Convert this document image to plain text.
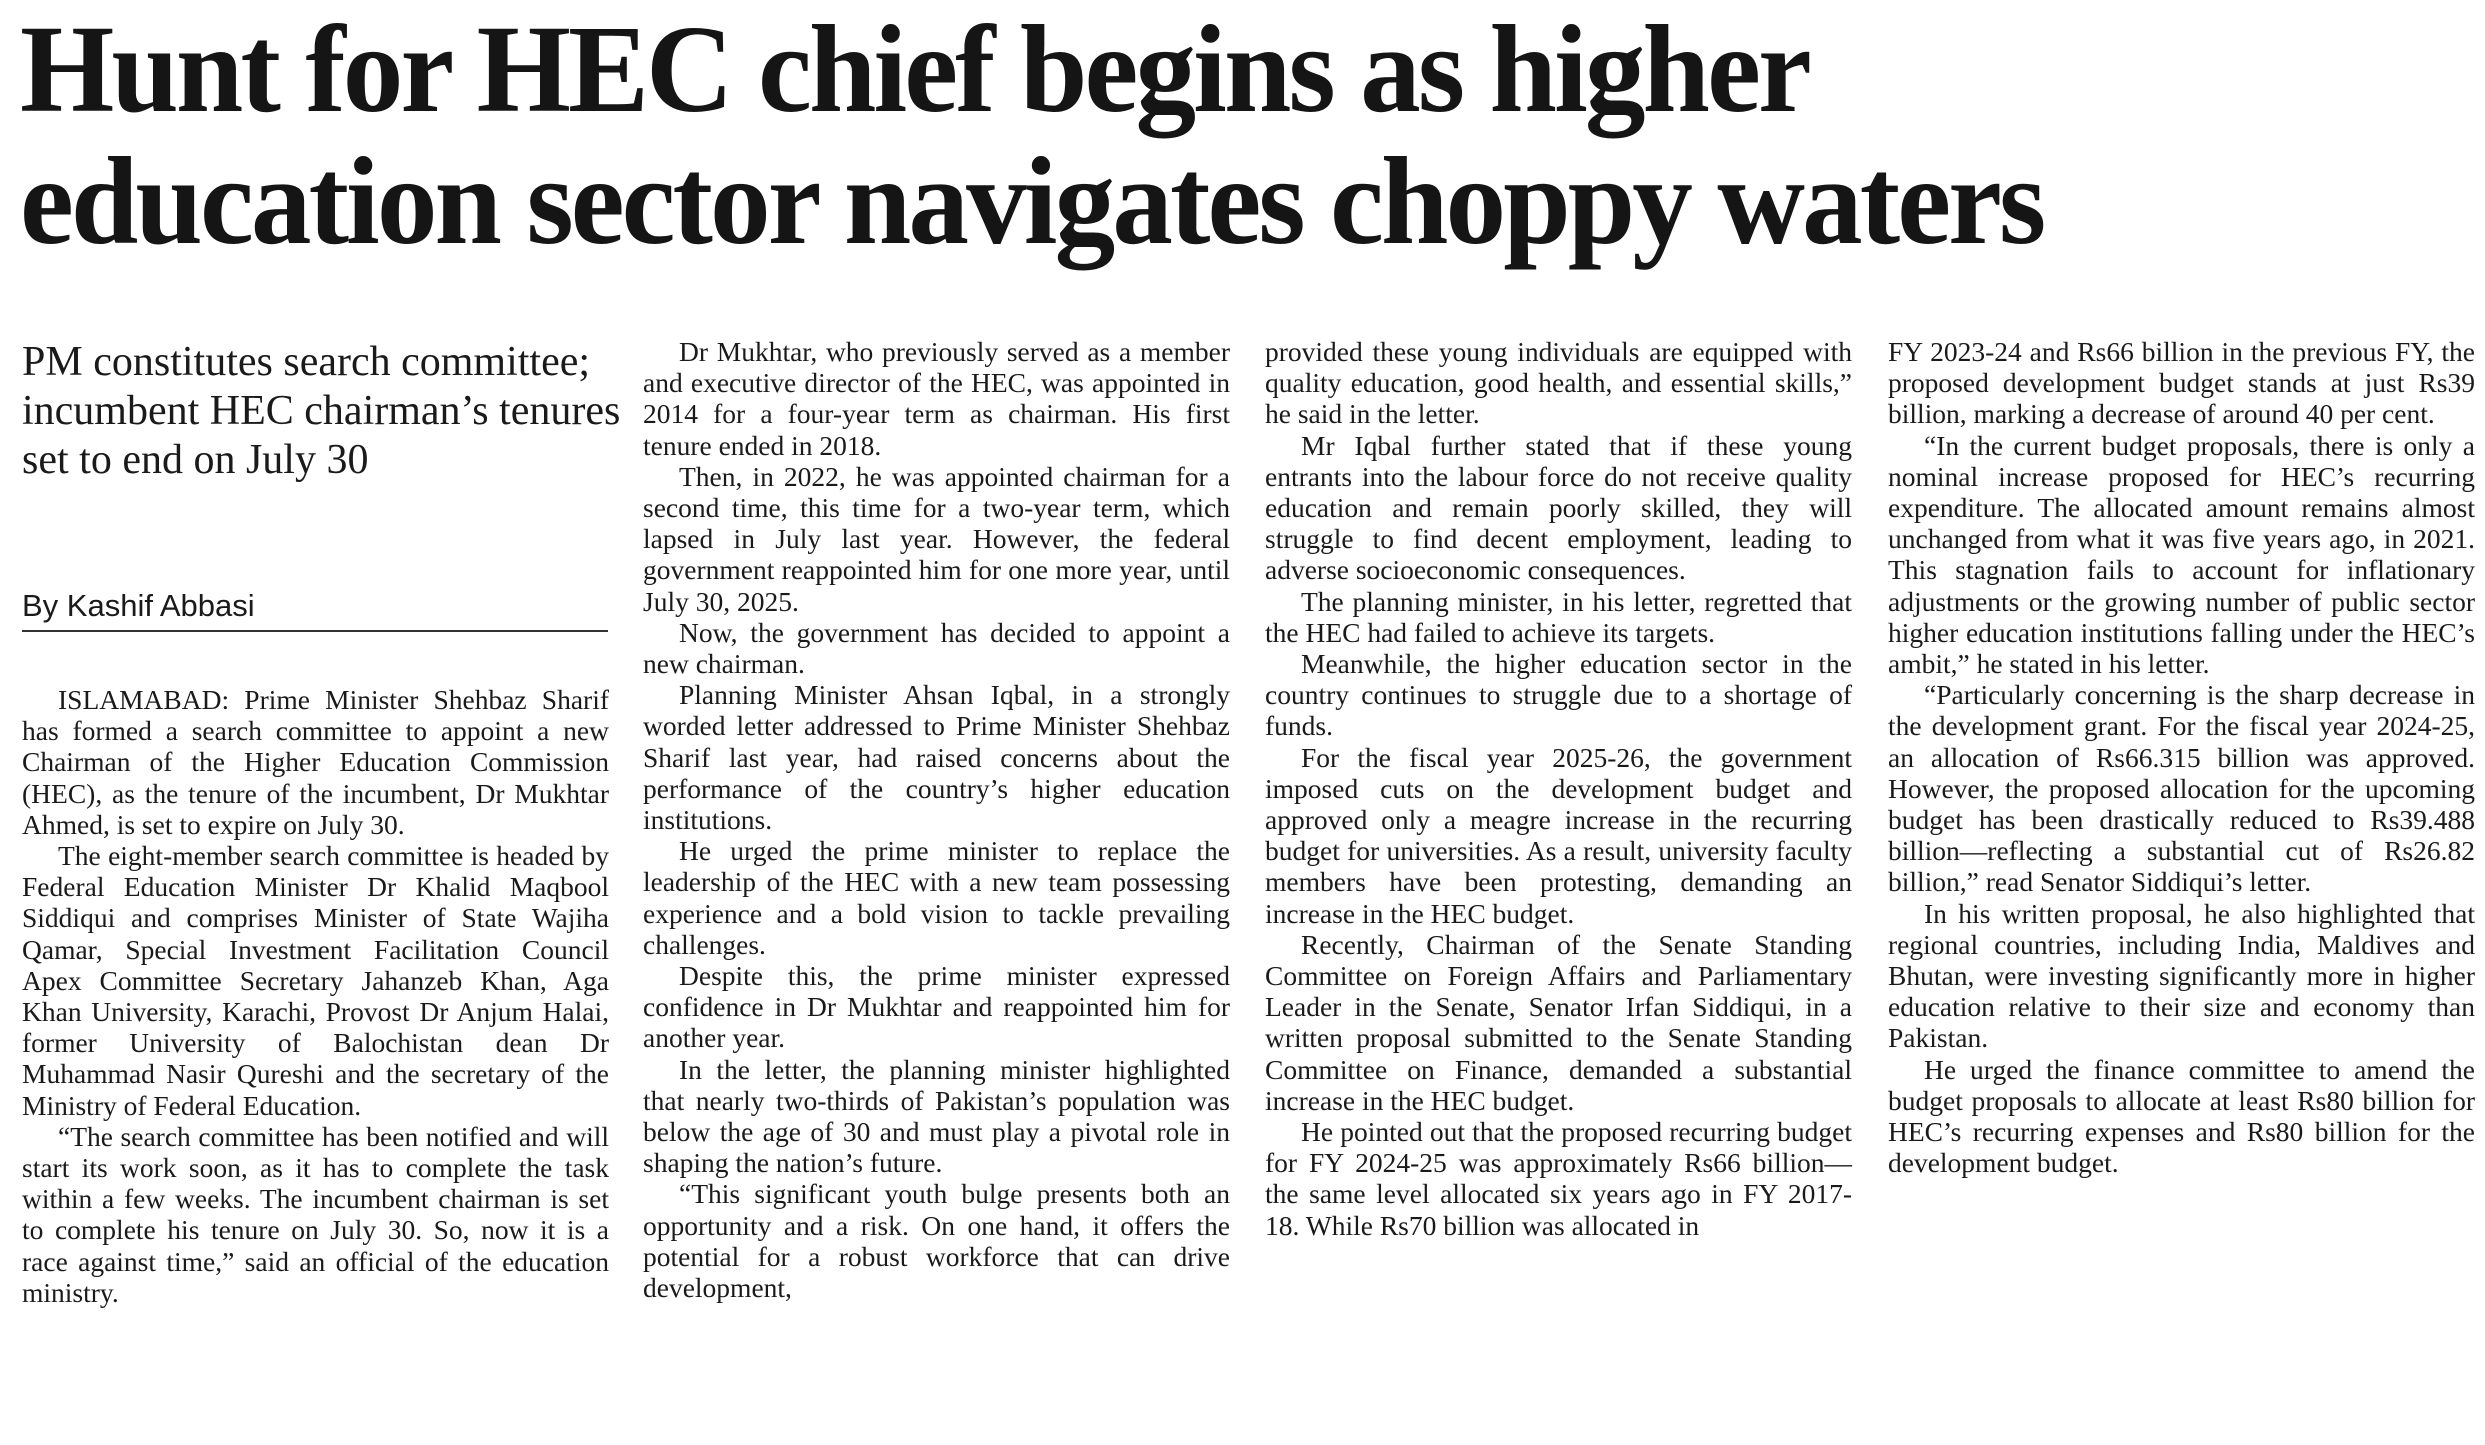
Hunt for HEC chief begins as higher
education sector navigates choppy waters
PM constitutes search committee; incumbent HEC chairman’s tenures set to end on July 30
By Kashif Abbasi

ISLAMABAD: Prime Minister Shehbaz Sharif has formed a search committee to appoint a new Chairman of the Higher Education Commission (HEC), as the tenure of the incumbent, Dr Mukhtar Ahmed, is set to expire on July 30.

The eight-member search committee is headed by Federal Education Minister Dr Khalid Maqbool Siddiqui and comprises Minister of State Wajiha Qamar, Special Investment Facilitation Council Apex Committee Secretary Jahanzeb Khan, Aga Khan University, Karachi, Provost Dr Anjum Halai, former University of Balochistan dean Dr Muhammad Nasir Qureshi and the secretary of the Ministry of Federal Education.

“The search committee has been notified and will start its work soon, as it has to complete the task within a few weeks. The incumbent chairman is set to complete his tenure on July 30. So, now it is a race against time,” said an official of the education ministry.

Dr Mukhtar, who previously served as a member and executive director of the HEC, was appointed in 2014 for a four-year term as chairman. His first tenure ended in 2018.

Then, in 2022, he was appointed chairman for a second time, this time for a two-year term, which lapsed in July last year. However, the federal government reappointed him for one more year, until July 30, 2025.

Now, the government has decided to appoint a new chairman.

Planning Minister Ahsan Iqbal, in a strongly worded letter addressed to Prime Minister Shehbaz Sharif last year, had raised concerns about the performance of the country’s higher education institutions.

He urged the prime minister to replace the leadership of the HEC with a new team possessing experience and a bold vision to tackle prevailing challenges.

Despite this, the prime minister expressed confidence in Dr Mukhtar and reappointed him for another year.

In the letter, the planning minister highlighted that nearly two-thirds of Pakistan’s population was below the age of 30 and must play a pivotal role in shaping the nation’s future.

“This significant youth bulge presents both an opportunity and a risk. On one hand, it offers the potential for a robust workforce that can drive development,

provided these young individuals are equipped with quality education, good health, and essential skills,” he said in the letter.

Mr Iqbal further stated that if these young entrants into the labour force do not receive quality education and remain poorly skilled, they will struggle to find decent employment, leading to adverse socioeconomic consequences.

The planning minister, in his letter, regretted that the HEC had failed to achieve its targets.

Meanwhile, the higher education sector in the country continues to struggle due to a shortage of funds.

For the fiscal year 2025-26, the government imposed cuts on the development budget and approved only a meagre increase in the recurring budget for universities. As a result, university faculty members have been protesting, demanding an increase in the HEC budget.

Recently, Chairman of the Senate Standing Committee on Foreign Affairs and Parliamentary Leader in the Senate, Senator Irfan Siddiqui, in a written proposal submitted to the Senate Standing Committee on Finance, demanded a substantial increase in the HEC budget.

He pointed out that the proposed recurring budget for FY 2024-25 was approximately Rs66 billion—the same level allocated six years ago in FY 2017-18. While Rs70 billion was allocated in

FY 2023-24 and Rs66 billion in the previous FY, the proposed development budget stands at just Rs39 billion, marking a decrease of around 40 per cent.

“In the current budget proposals, there is only a nominal increase proposed for HEC’s recurring expenditure. The allocated amount remains almost unchanged from what it was five years ago, in 2021. This stagnation fails to account for inflationary adjustments or the growing number of public sector higher education institutions falling under the HEC’s ambit,” he stated in his letter.

“Particularly concerning is the sharp decrease in the development grant. For the fiscal year 2024-25, an allocation of Rs66.315 billion was approved. However, the proposed allocation for the upcoming budget has been drastically reduced to Rs39.488 billion—reflecting a substantial cut of Rs26.82 billion,” read Senator Siddiqui’s letter.

In his written proposal, he also highlighted that regional countries, including India, Maldives and Bhutan, were investing significantly more in higher education relative to their size and economy than Pakistan.

He urged the finance committee to amend the budget proposals to allocate at least Rs80 billion for HEC’s recurring expenses and Rs80 billion for the development budget.
